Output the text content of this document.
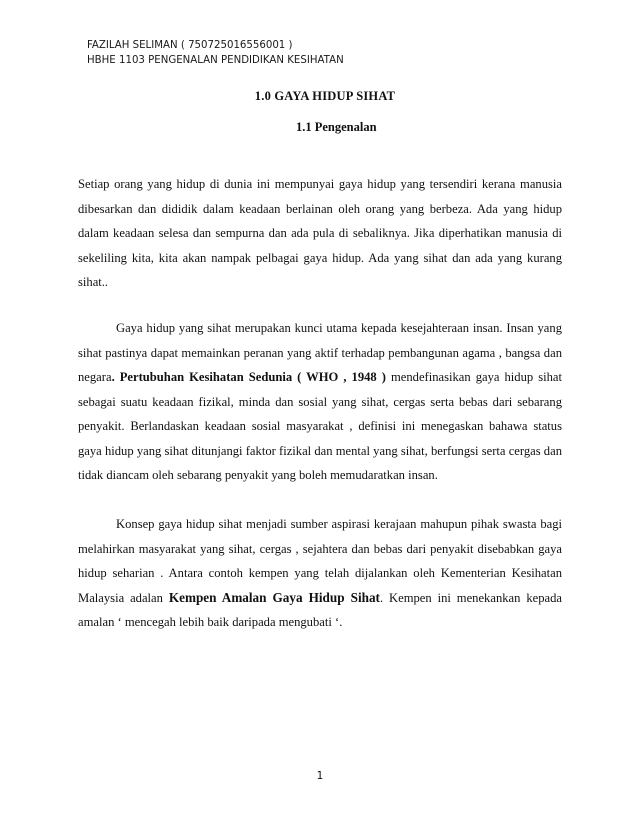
FAZILAH SELIMAN ( 750725016556001 )
HBHE 1103 PENGENALAN PENDIDIKAN KESIHATAN
1.0 GAYA HIDUP SIHAT
1.1 Pengenalan
Setiap orang yang hidup di dunia ini mempunyai gaya hidup yang tersendiri kerana manusia dibesarkan dan dididik dalam keadaan berlainan oleh orang yang berbeza. Ada yang hidup dalam keadaan selesa dan sempurna dan ada pula di sebaliknya. Jika diperhatikan manusia di sekeliling kita, kita akan nampak pelbagai gaya hidup. Ada yang sihat dan ada yang kurang sihat..
Gaya hidup yang sihat merupakan kunci utama kepada kesejahteraan insan. Insan yang sihat pastinya dapat memainkan peranan yang aktif terhadap pembangunan agama , bangsa dan negara. Pertubuhan Kesihatan Sedunia ( WHO , 1948 ) mendefinasikan gaya hidup sihat sebagai suatu keadaan fizikal, minda dan sosial yang sihat, cergas serta bebas dari sebarang penyakit. Berlandaskan keadaan sosial masyarakat , definisi ini menegaskan bahawa status gaya hidup yang sihat ditunjangi faktor fizikal dan mental yang sihat, berfungsi serta cergas dan tidak diancam oleh sebarang penyakit yang boleh memudaratkan insan.
Konsep gaya hidup sihat menjadi sumber aspirasi kerajaan mahupun pihak swasta bagi melahirkan masyarakat yang sihat, cergas , sejahtera dan bebas dari penyakit disebabkan gaya hidup seharian . Antara contoh kempen yang telah dijalankan oleh Kementerian Kesihatan Malaysia adalan Kempen Amalan Gaya Hidup Sihat. Kempen ini menekankan kepada amalan ‘ mencegah lebih baik daripada mengubati ‘.
1
